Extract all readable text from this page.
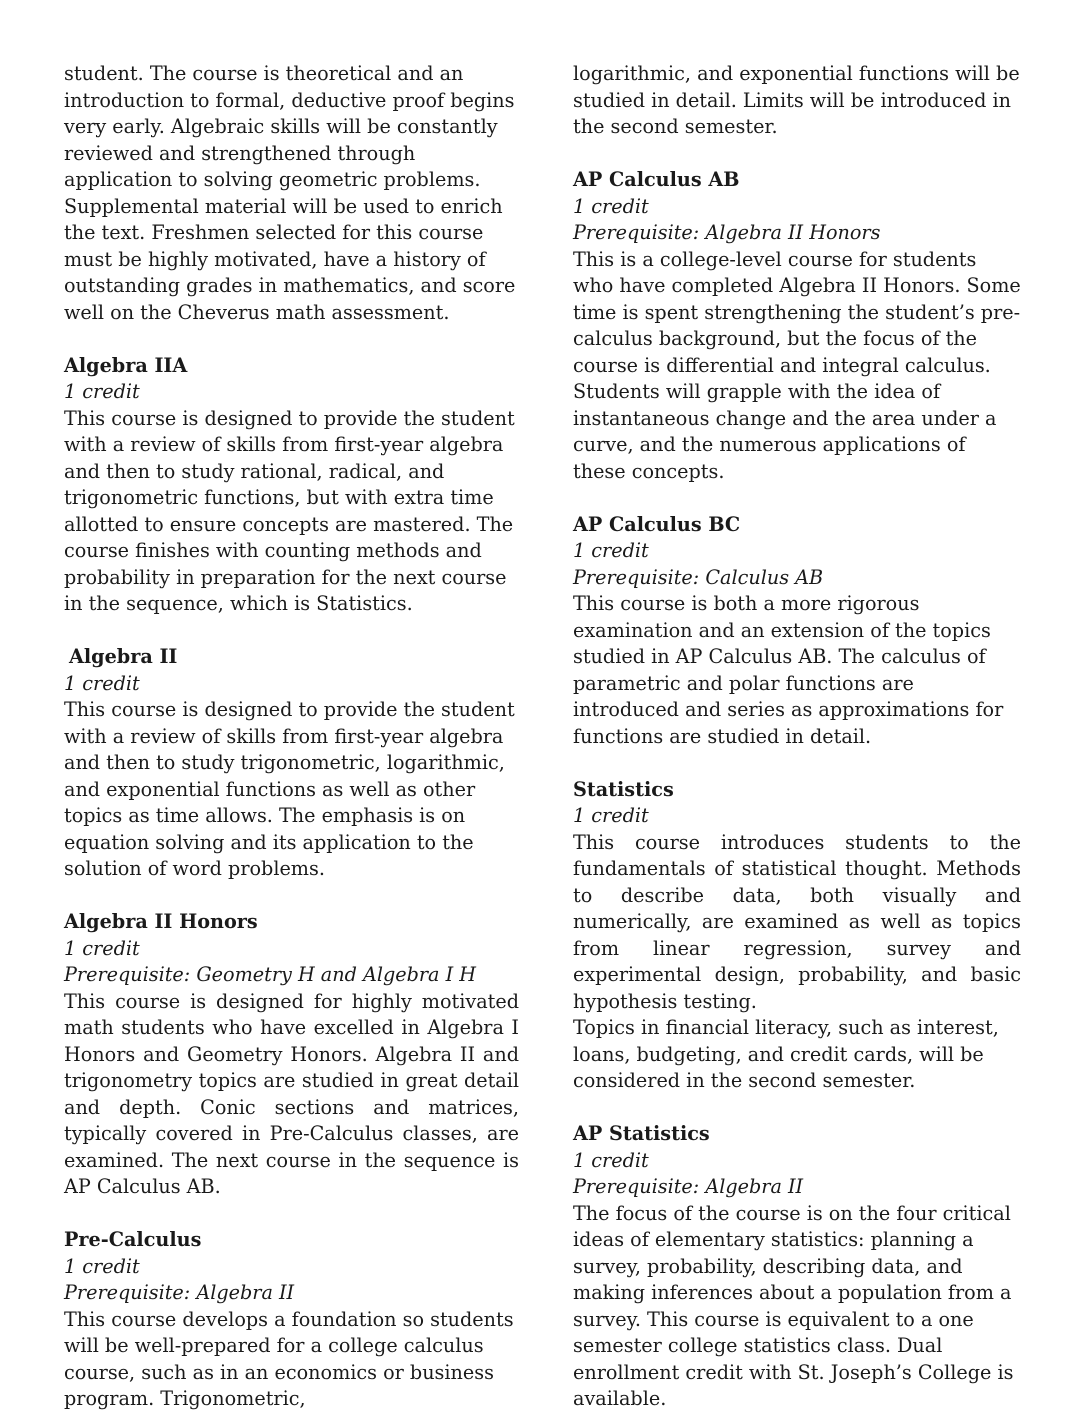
student. The course is theoretical and an introduction to formal, deductive proof begins very early. Algebraic skills will be constantly reviewed and strengthened through application to solving geometric problems. Supplemental material will be used to enrich the text. Freshmen selected for this course must be highly motivated, have a history of outstanding grades in mathematics, and score well on the Cheverus math assessment.

Algebra IIA

1 credit

This course is designed to provide the student with a review of skills from first-year algebra and then to study rational, radical, and trigonometric functions, but with extra time allotted to ensure concepts are mastered. The course finishes with counting methods and probability in preparation for the next course in the sequence, which is Statistics.

Algebra II

1 credit

This course is designed to provide the student with a review of skills from first-year algebra and then to study trigonometric, logarithmic, and exponential functions as well as other topics as time allows. The emphasis is on equation solving and its application to the solution of word problems.

Algebra II Honors

1 credit

Prerequisite: Geometry H and Algebra I H

This course is designed for highly motivated math students who have excelled in Algebra I Honors and Geometry Honors. Algebra II and trigonometry topics are studied in great detail and depth. Conic sections and matrices, typically covered in Pre-Calculus classes, are examined. The next course in the sequence is AP Calculus AB.

Pre-Calculus

1 credit

Prerequisite: Algebra II

This course develops a foundation so students will be well-prepared for a college calculus course, such as in an economics or business program. Trigonometric,

logarithmic, and exponential functions will be studied in detail. Limits will be introduced in the second semester.

AP Calculus AB

1 credit

Prerequisite: Algebra II Honors

This is a college-level course for students who have completed Algebra II Honors. Some time is spent strengthening the student’s pre-calculus background, but the focus of the course is differential and integral calculus. Students will grapple with the idea of instantaneous change and the area under a curve, and the numerous applications of these concepts.

AP Calculus BC

1 credit

Prerequisite: Calculus AB

This course is both a more rigorous examination and an extension of the topics studied in AP Calculus AB. The calculus of parametric and polar functions are introduced and series as approximations for functions are studied in detail.

Statistics

1 credit

This course introduces students to the fundamentals of statistical thought. Methods to describe data, both visually and numerically, are examined as well as topics from linear regression, survey and experimental design, probability, and basic hypothesis testing.

Topics in financial literacy, such as interest, loans, budgeting, and credit cards, will be considered in the second semester.

AP Statistics

1 credit

Prerequisite: Algebra II

The focus of the course is on the four critical ideas of elementary statistics: planning a survey, probability, describing data, and making inferences about a population from a survey. This course is equivalent to a one semester college statistics class. Dual enrollment credit with St. Joseph’s College is available.
